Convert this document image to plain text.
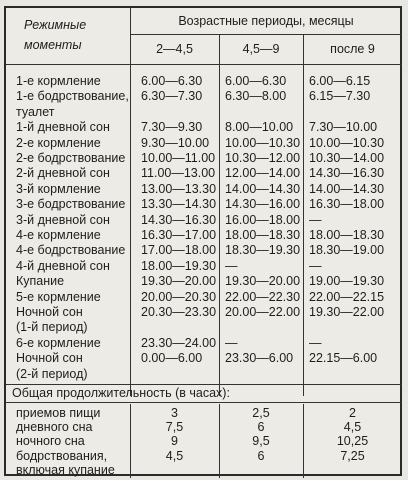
Режимные
моменты
Возрастные периоды, месяцы
2—4,5	4,5—9	после 9
1-е кормление	6.00—6.30 6.00—6.30 6.00—6.15
1-е бодрствование, 6.30—7.30 6.30—8.00 6.15—7.30
туалет
1-й дневной сон 7.30—9.30 8.00—10.00 7.30—10.00
2-е кормление	9.30—10.00 10.00—10.30 10.00—10.30
2-е бодрствование 10.00—11.00 10.30—12.00 10.30—14.00
2-й дневной сон 11.00—13.00 12.00—14.00 14.30—16.30
3-й кормление	13.00—13.30 14.00—14.30 14.00—14.30
3-е бодрствование 13.30—14.30 14.30—16.00 16.30—18.00
3-й дневной сон 14.30—16.30 16.00—18.00 —
4-е кормление	16.30—17.00 18.00—18.30 18.00—18.30
4-е бодрствование 17.00—18.00 18.30—19.30 18.30—19.00
4-й дневной сон 18.00—19.30 —	—
Купание	19.30—20.00 19.30—20.00 19.00—19.30
5-е кормление	20.00—20.30 22.00—22.30 22.00—22.15
Ночной сон	20.30—23.30 20.00—22.00 19.30—22.00
(1-й период)
6-е кормление	23.30—24.00 —	—
Ночной сон	0.00—6.00 23.30—6.00 22.15—6.00
(2-й период)
Общая продолжительность (в часах):
приемов пищи	3	2,5	2
дневного сна	7,5	6	4,5
ночного сна	9	9,5	10,25
бодрствования,	4,5	6	7,25
включая купание
